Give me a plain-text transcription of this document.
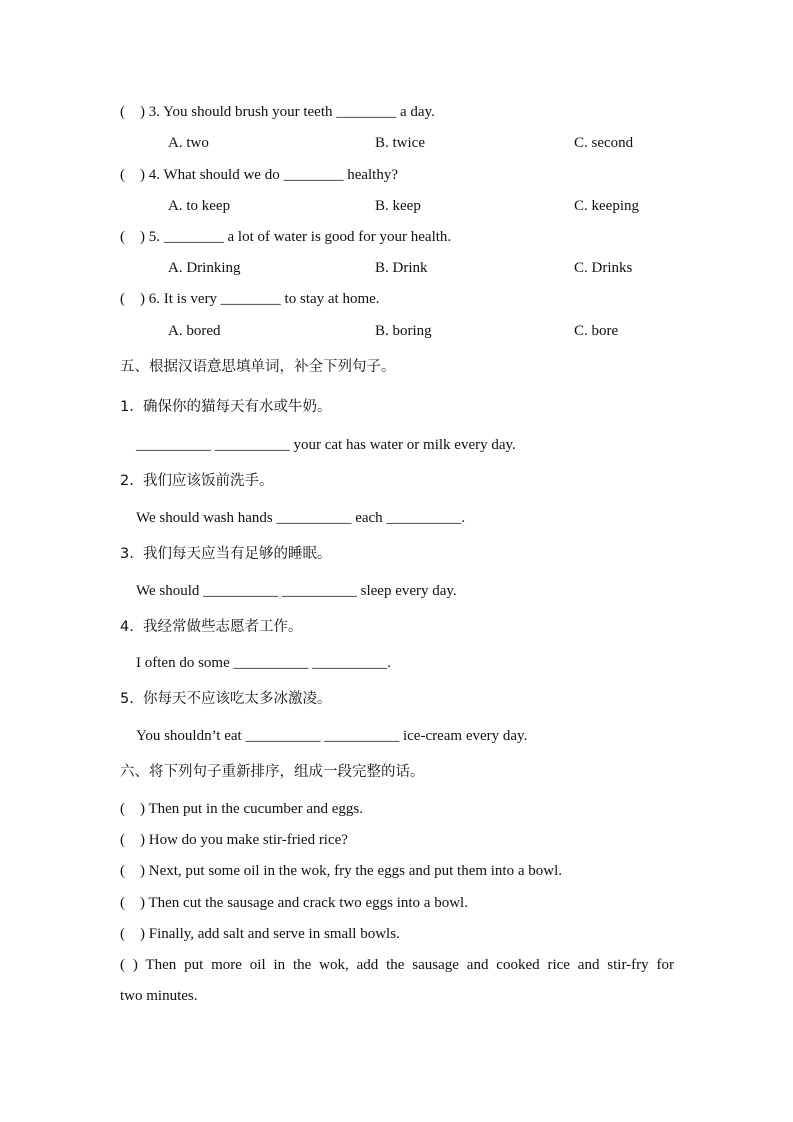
(    ) 3. You should brush your teeth ________ a day.
A. two	B. twice	C. second
(    ) 4. What should we do ________ healthy?
A. to keep	B. keep	C. keeping
(    ) 5. ________ a lot of water is good for your health.
A. Drinking	B. Drink	C. Drinks
(    ) 6. It is very ________ to stay at home.
A. bored	B. boring	C. bore
五、根据汉语意思填单词，补全下列句子。
1.  确保你的猫每天有水或牛奶。
__________ __________ your cat has water or milk every day.
2.  我们应该饭前洗手。
We should wash hands __________ each __________.
3.  我们每天应当有足够的睡眠。
We should __________ __________ sleep every day.
4.  我经常做些志愿者工作。
I often do some __________ __________.
5.  你每天不应该吃太多冰激凌。
You shouldn’t eat __________ __________ ice-cream every day.
六、将下列句子重新排序，组成一段完整的话。
(    ) Then put in the cucumber and eggs.
(    ) How do you make stir-fried rice?
(    ) Next, put some oil in the wok, fry the eggs and put them into a bowl.
(    ) Then cut the sausage and crack two eggs into a bowl.
(    ) Finally, add salt and serve in small bowls.
( ) Then put more oil in the wok, add the sausage and cooked rice and stir-fry for
two minutes.
